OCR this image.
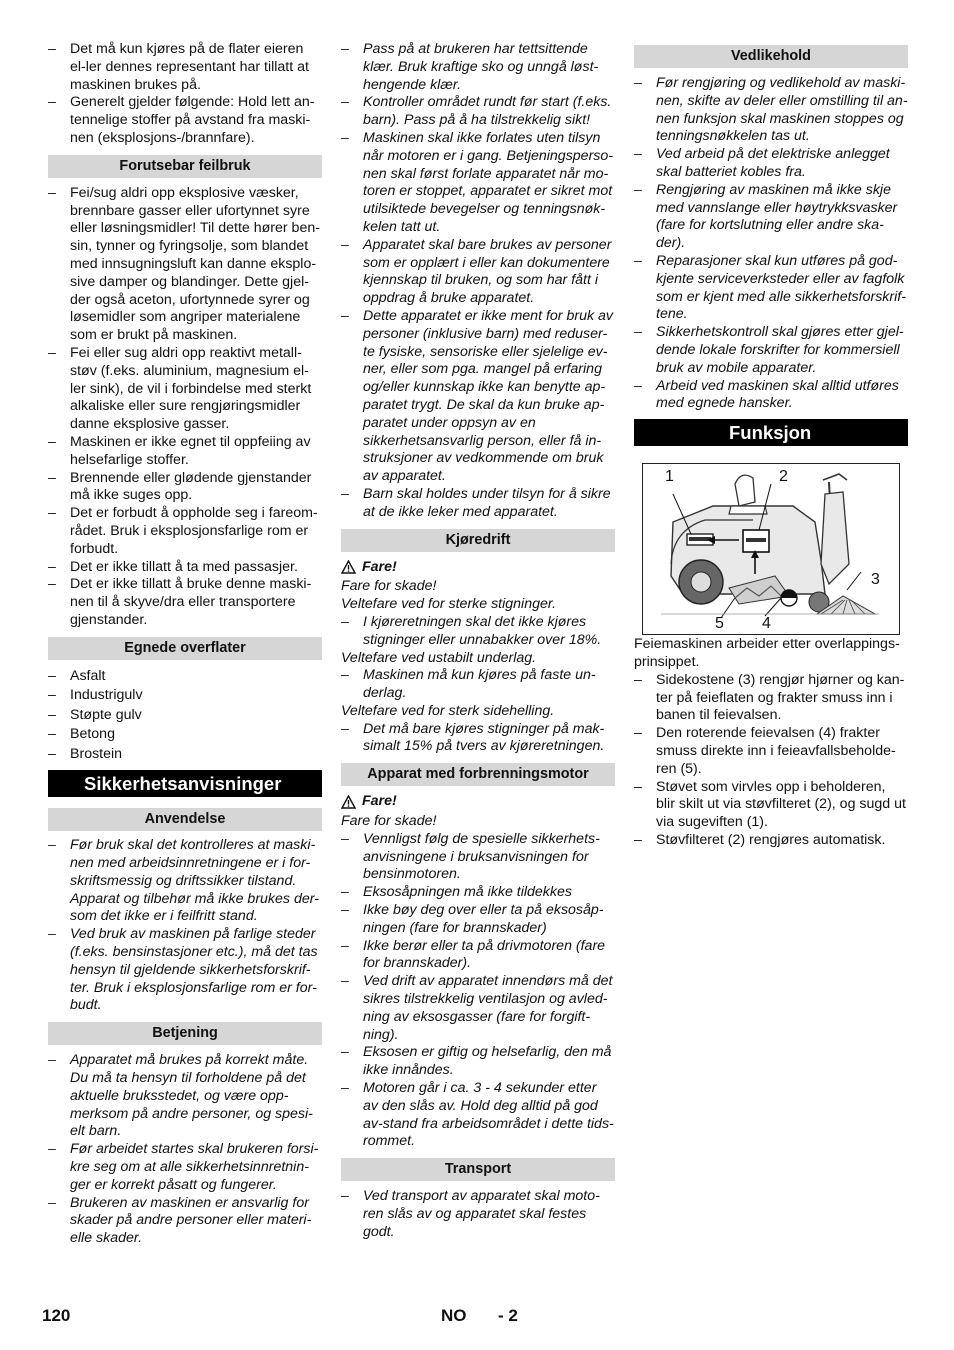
– Det må kun kjøres på de flater eieren el-ler dennes representant har tillatt at maskinen brukes på.
– Generelt gjelder følgende: Hold lett an-tennelige stoffer på avstand fra maski-nen (eksplosjons-/brannfare).
Forutsebar feilbruk
– Fei/sug aldri opp eksplosive væsker, brennbare gasser eller ufortynnet syre eller løsningsmidler! Til dette hører ben-sin, tynner og fyringsolje, som blandet med innsugningsluft kan danne eksplo-sive damper og blandinger. Dette gjel-der også aceton, ufortynnede syrer og løsemidler som angriper materialene som er brukt på maskinen.
– Fei eller sug aldri opp reaktivt metall-støv (f.eks. aluminium, magnesium el-ler sink), de vil i forbindelse med sterkt alkaliske eller sure rengjøringsmidler danne eksplosive gasser.
– Maskinen er ikke egnet til oppfeiing av helsefarlige stoffer.
– Brennende eller glødende gjenstander må ikke suges opp.
– Det er forbudt å oppholde seg i fareom-rådet. Bruk i eksplosjonsfarlige rom er forbudt.
– Det er ikke tillatt å ta med passasjer.
– Det er ikke tillatt å bruke denne maski-nen til å skyve/dra eller transportere gjenstander.
Egnede overflater
– Asfalt
– Industrigulv
– Støpte gulv
– Betong
– Brostein
Sikkerhetsanvisninger
Anvendelse
– Før bruk skal det kontrolleres at maski-nen med arbeidsinnretningene er i for-skriftsmessig og driftssikker tilstand. Apparat og tilbehør må ikke brukes der-som det ikke er i feilfritt stand.
– Ved bruk av maskinen på farlige steder (f.eks. bensinstasjoner etc.), må det tas hensyn til gjeldende sikkerhetsforskrif-ter. Bruk i eksplosjonsfarlige rom er for-budt.
Betjening
– Apparatet må brukes på korrekt måte. Du må ta hensyn til forholdene på det aktuelle bruksstedet, og være opp-merksom på andre personer, og spesi-elt barn.
– Før arbeidet startes skal brukeren forsi-kre seg om at alle sikkerhetsinnretnin-ger er korrekt påsatt og fungerer.
– Brukeren av maskinen er ansvarlig for skader på andre personer eller materi-elle skader.
– Pass på at brukeren har tettsittende klær. Bruk kraftige sko og unngå løst-hengende klær.
– Kontroller området rundt før start (f.eks. barn). Pass på å ha tilstrekkelig sikt!
– Maskinen skal ikke forlates uten tilsyn når motoren er i gang. Betjeningsperso-nen skal først forlate apparatet når mo-toren er stoppet, apparatet er sikret mot utilsiktede bevegelser og tenningsnøk-kelen tatt ut.
– Apparatet skal bare brukes av personer som er opplært i eller kan dokumentere kjennskap til bruken, og som har fått i oppdrag å bruke apparatet.
– Dette apparatet er ikke ment for bruk av personer (inklusive barn) med reduser-te fysiske, sensoriske eller sjelelige ev-ner, eller som pga. mangel på erfaring og/eller kunnskap ikke kan benytte ap-paratet trygt. De skal da kun bruke ap-paratet under oppsyn av en sikkerhetsansvarlig person, eller få in-struksjoner av vedkommende om bruk av apparatet.
– Barn skal holdes under tilsyn for å sikre at de ikke leker med apparatet.
Kjøredrift
Fare!

Fare for skade!

Veltefare ved for sterke stigninger.

– I kjøreretningen skal det ikke kjøres stigninger eller unnabakker over 18%.

Veltefare ved ustabilt underlag.

– Maskinen må kun kjøres på faste un-derlag.

Veltefare ved for sterk sidehelling.

– Det må bare kjøres stigninger på mak-simalt 15% på tvers av kjøreretningen.
Apparat med forbrenningsmotor
Fare!

Fare for skade!

– Vennligst følg de spesielle sikkerhets-anvisningene i bruksanvisningen for bensinmotoren.
– Eksosåpningen må ikke tildekkes
– Ikke bøy deg over eller ta på eksosåp-ningen (fare for brannskader)
– Ikke berør eller ta på drivmotoren (fare for brannskader).
– Ved drift av apparatet innendørs må det sikres tilstrekkelig ventilasjon og avled-ning av eksosgasser (fare for forgift-ning).
– Eksosen er giftig og helsefarlig, den må ikke innåndes.
– Motoren går i ca. 3 - 4 sekunder etter av den slås av. Hold deg alltid på god av-stand fra arbeidsområdet i dette tids-rommet.
Transport
– Ved transport av apparatet skal moto-ren slås av og apparatet skal festes godt.
Vedlikehold
– Før rengjøring og vedlikehold av maski-nen, skifte av deler eller omstilling til an-nen funksjon skal maskinen stoppes og tenningsnøkkelen tas ut.
– Ved arbeid på det elektriske anlegget skal batteriet kobles fra.
– Rengjøring av maskinen må ikke skje med vannslange eller høytrykksvasker (fare for kortslutning eller andre ska-der).
– Reparasjoner skal kun utføres på god-kjente serviceverksteder eller av fagfolk som er kjent med alle sikkerhetsforskrif-tene.
– Sikkerhetskontroll skal gjøres etter gjel-dende lokale forskrifter for kommersiell bruk av mobile apparater.
– Arbeid ved maskinen skal alltid utføres med egnede hansker.
Funksjon
1	2
3
4
5

Feiemaskinen arbeider etter overlappings-prinsippet.

– Sidekostene (3) rengjør hjørner og kan-ter på feieflaten og frakter smuss inn i banen til feievalsen.
– Den roterende feievalsen (4) frakter smuss direkte inn i feieavfallsbeholde-ren (5).
– Støvet som virvles opp i beholderen, blir skilt ut via støvfilteret (2), og sugd ut via sugeviften (1).
– Støvfilteret (2) rengjøres automatisk.
120	NO - 2
